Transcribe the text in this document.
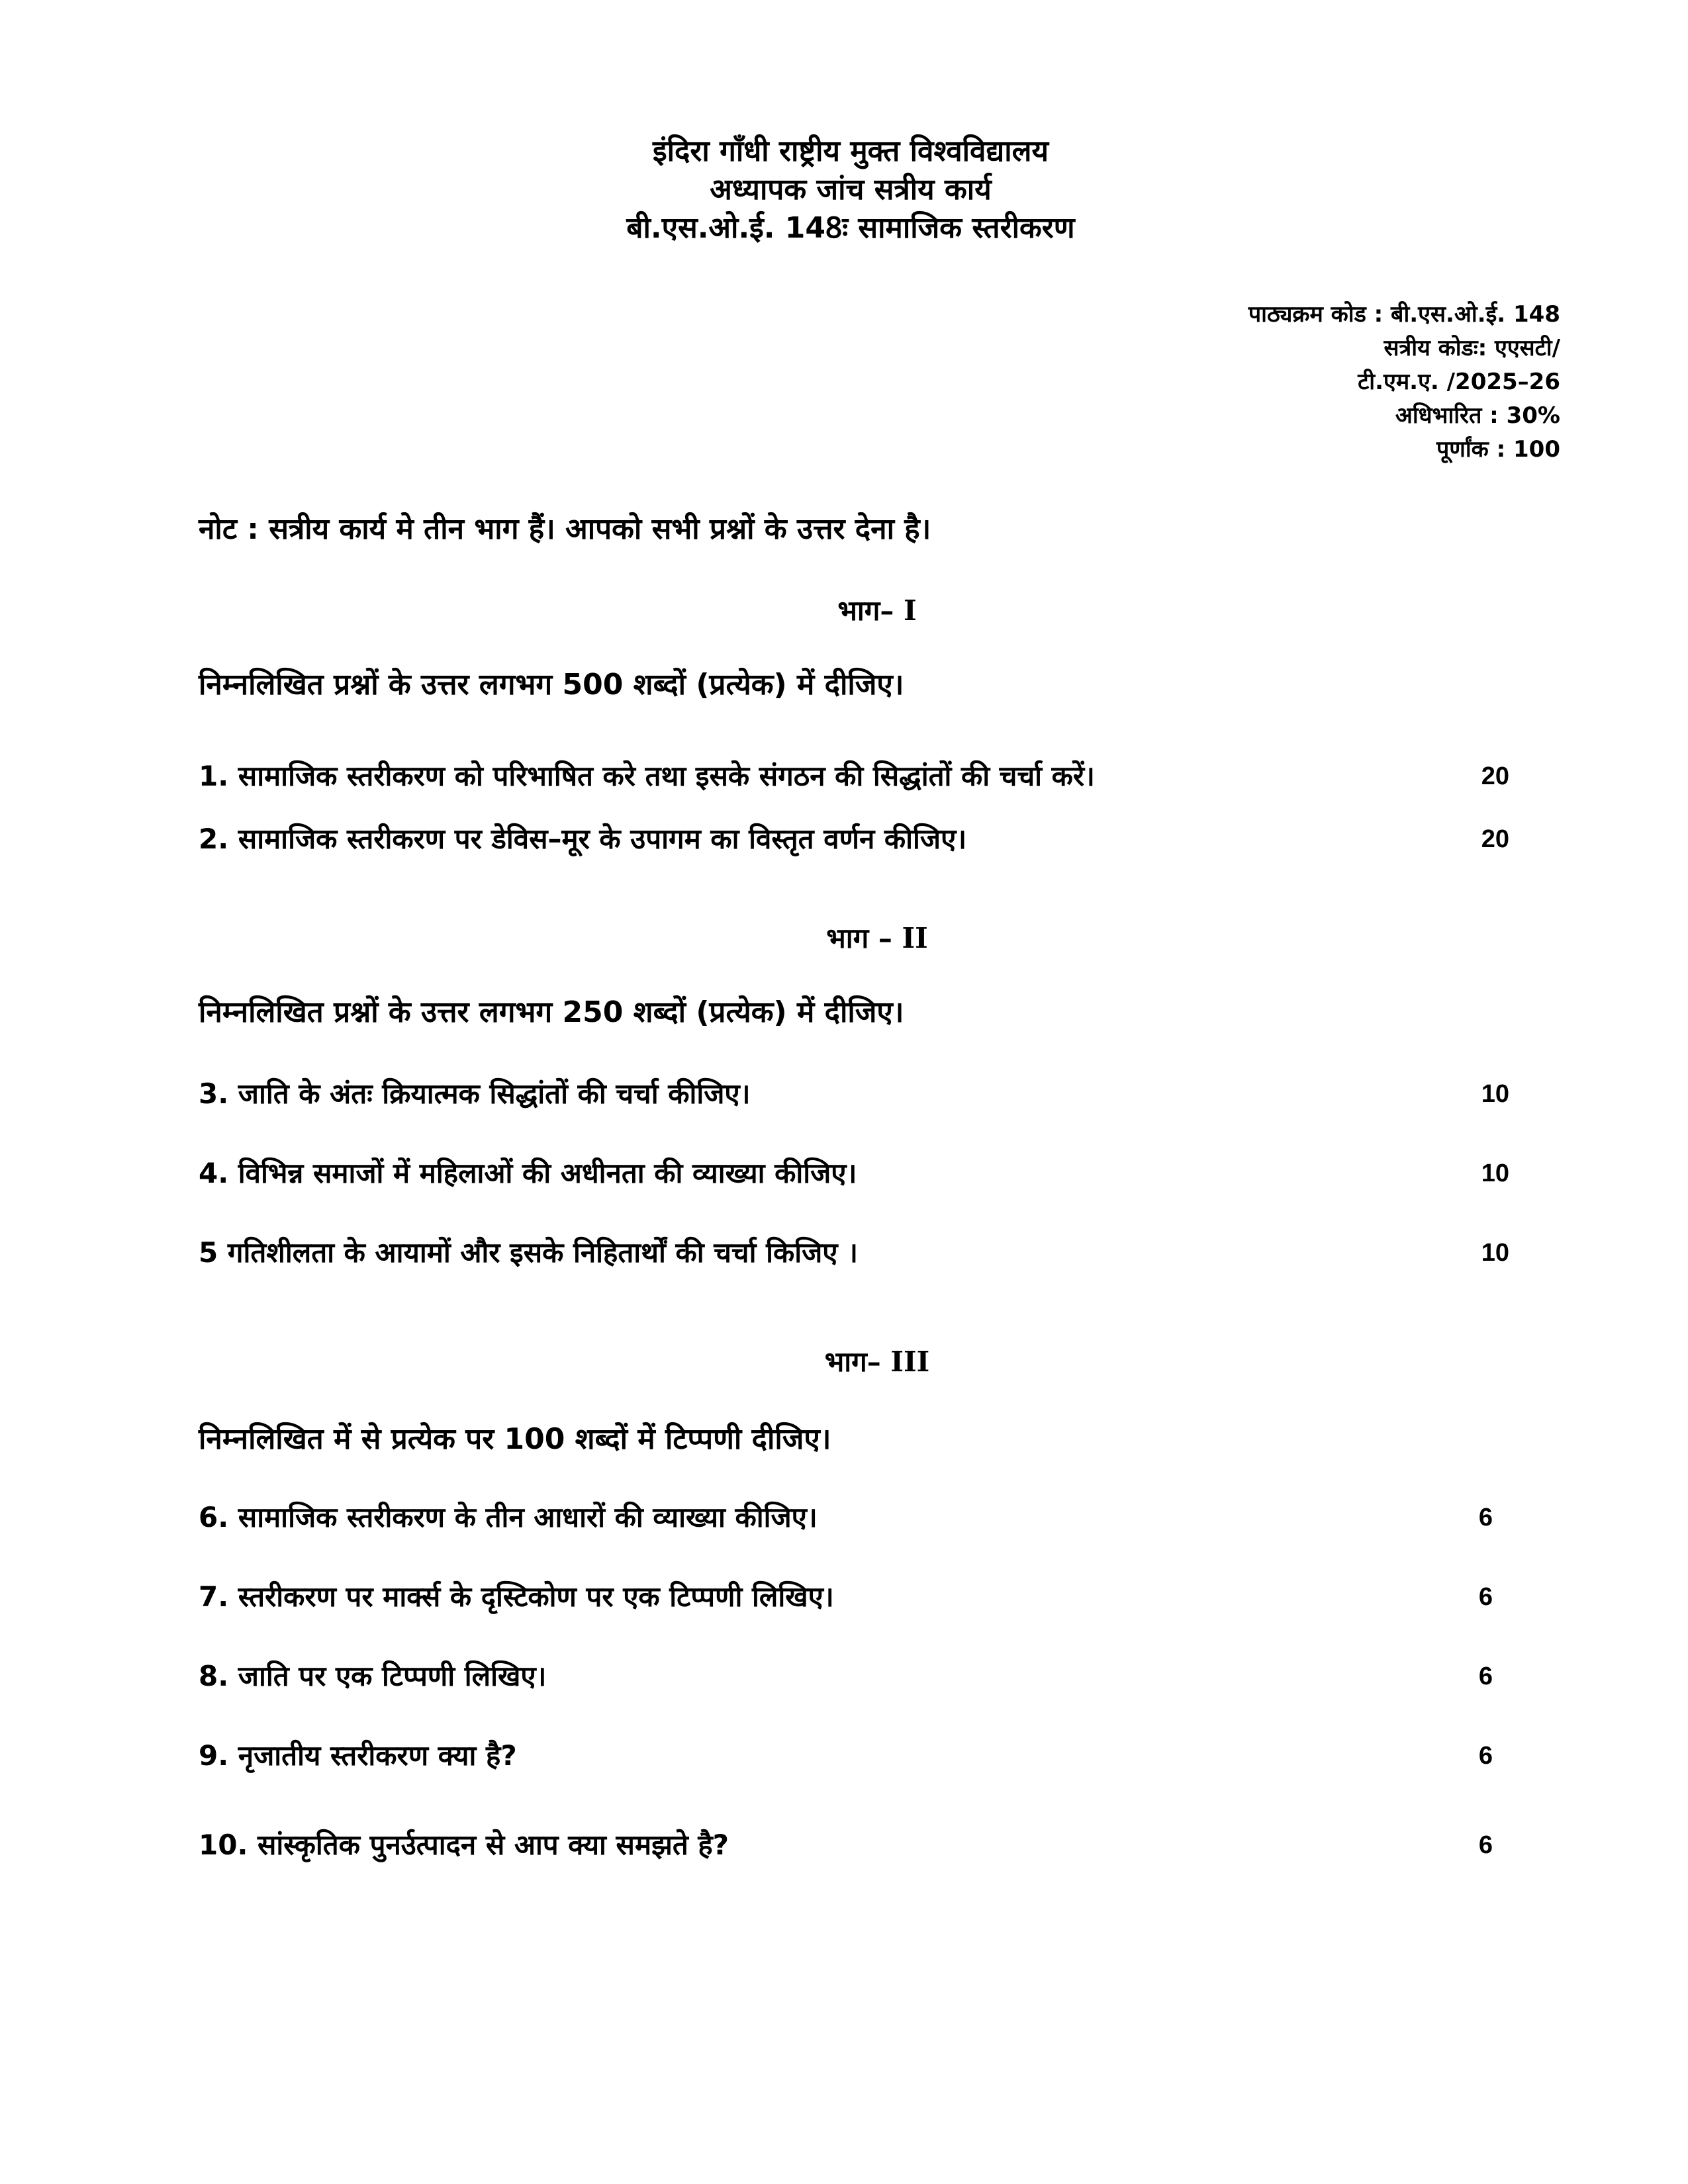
इंदिरा गाँधी राष्ट्रीय मुक्त विश्वविद्यालय
अध्यापक जांच सत्रीय कार्य
बी.एस.ओ.ई. 148ः सामाजिक स्तरीकरण
पाठ्यक्रम कोड : बी.एस.ओ.ई. 148
सत्रीय कोडः: एएसटी/
टी.एम.ए. /2025–26
अधिभारित : 30%
पूर्णांक : 100
नोट : सत्रीय कार्य मे तीन भाग हैं। आपको सभी प्रश्नों के उत्तर देना है।
भाग– I
निम्नलिखित प्रश्नों के उत्तर लगभग 500 शब्दों (प्रत्येक) में दीजिए।
1. सामाजिक स्तरीकरण को परिभाषित करे तथा इसके संगठन की सिद्धांतों की चर्चा करें।	20
2. सामाजिक स्तरीकरण पर डेविस–मूर के उपागम का विस्तृत वर्णन कीजिए।	20
भाग – II
निम्नलिखित प्रश्नों के उत्तर लगभग 250 शब्दों (प्रत्येक) में दीजिए।
3. जाति के अंतः क्रियात्मक सिद्धांतों की चर्चा कीजिए।	10
4. विभिन्न समाजों में महिलाओं की अधीनता की व्याख्या कीजिए।	10
5 गतिशीलता के आयामों और इसके निहितार्थों की चर्चा किजिए ।	10
भाग– III
निम्नलिखित में से प्रत्येक पर 100 शब्दों में टिप्पणी दीजिए।
6. सामाजिक स्तरीकरण के तीन आधारों की व्याख्या कीजिए।	6
7. स्तरीकरण पर मार्क्स के दृस्टिकोण पर एक टिप्पणी लिखिए।	6
8. जाति पर एक टिप्पणी लिखिए।	6
9. नृजातीय स्तरीकरण क्या है?	6
10. सांस्कृतिक पुनर्उत्पादन से आप क्या समझते है?	6
